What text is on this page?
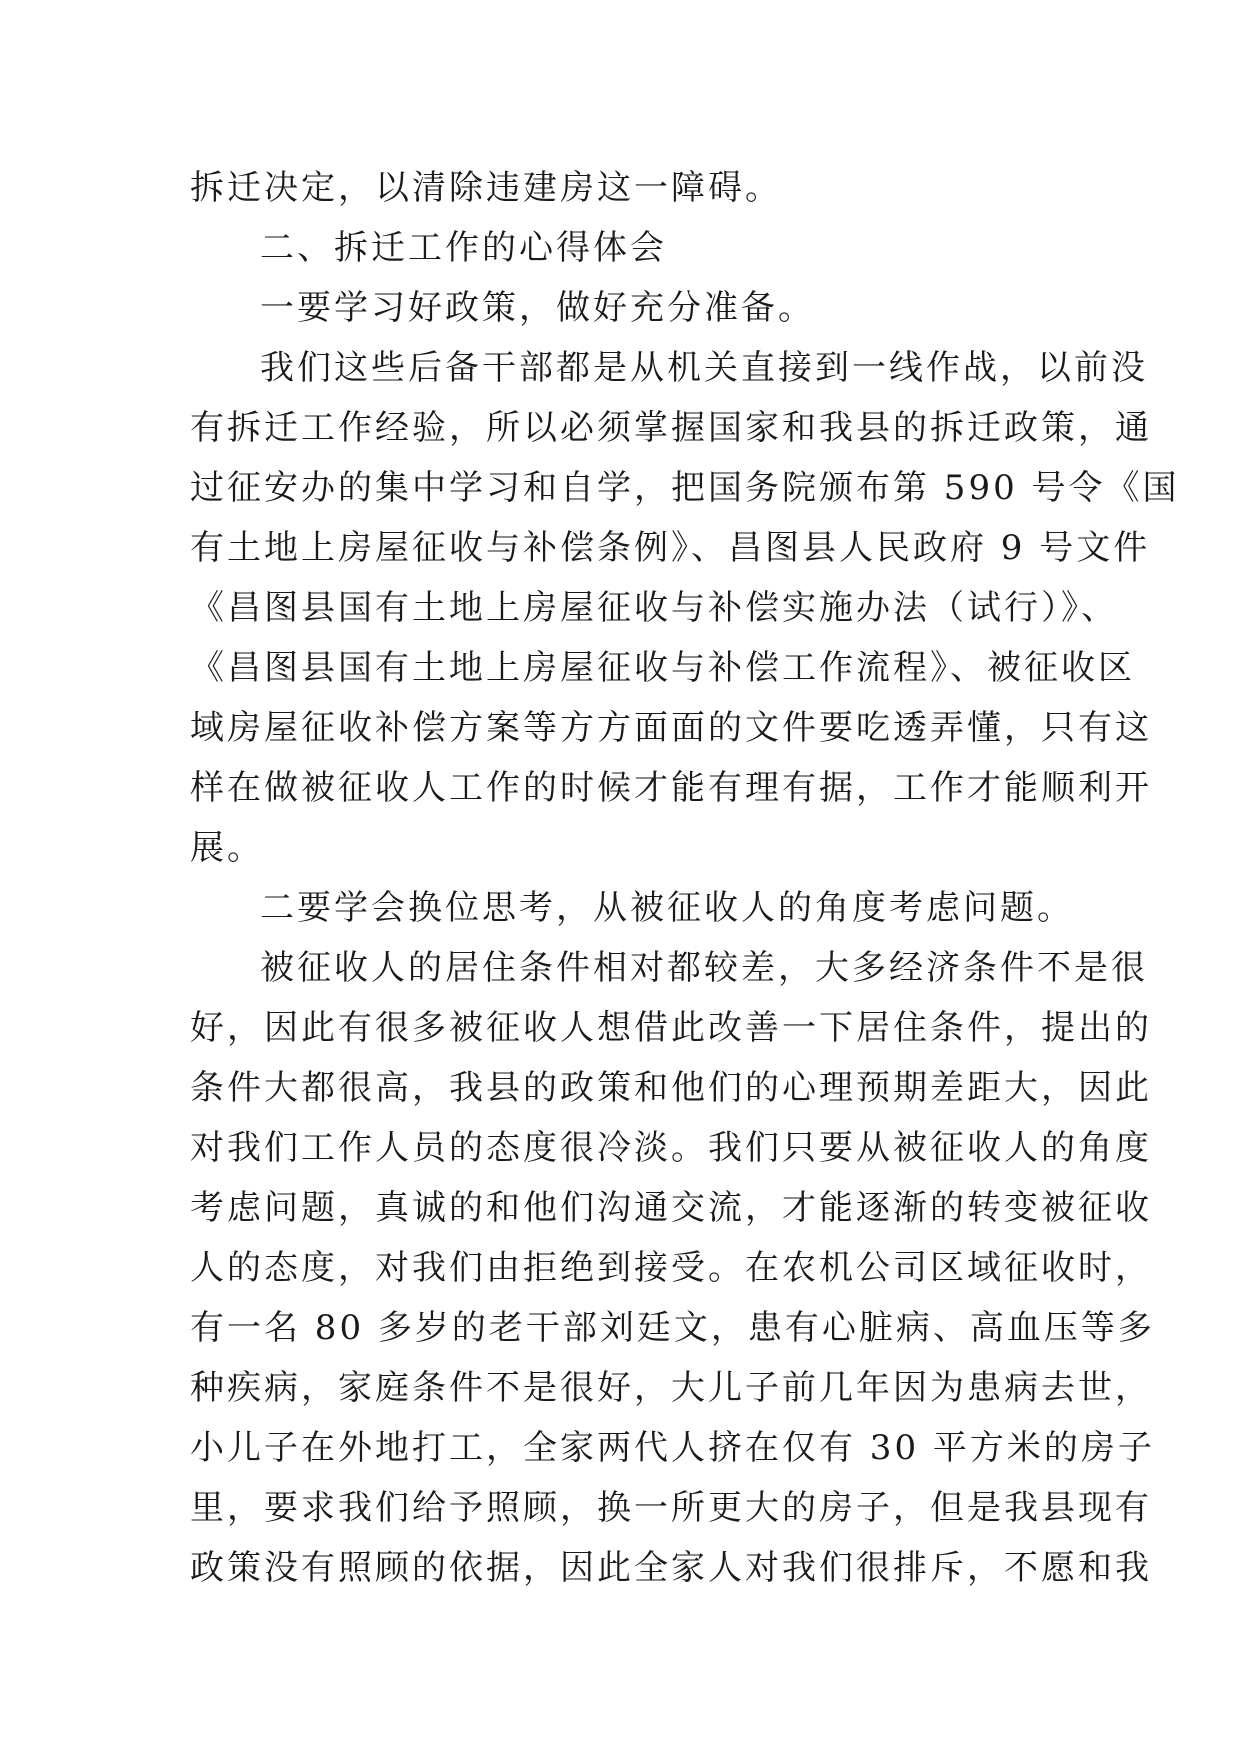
拆迁决定，以清除违建房这一障碍。
二、拆迁工作的心得体会
一要学习好政策，做好充分准备。
我们这些后备干部都是从机关直接到一线作战，以前没
有拆迁工作经验，所以必须掌握国家和我县的拆迁政策，通
过征安办的集中学习和自学，把国务院颁布第 590 号令《国
有土地上房屋征收与补偿条例》、昌图县人民政府 9 号文件
《昌图县国有土地上房屋征收与补偿实施办法（试行）》、
《昌图县国有土地上房屋征收与补偿工作流程》、被征收区
域房屋征收补偿方案等方方面面的文件要吃透弄懂，只有这
样在做被征收人工作的时候才能有理有据，工作才能顺利开
展。
二要学会换位思考，从被征收人的角度考虑问题。
被征收人的居住条件相对都较差，大多经济条件不是很
好，因此有很多被征收人想借此改善一下居住条件，提出的
条件大都很高，我县的政策和他们的心理预期差距大，因此
对我们工作人员的态度很冷淡。我们只要从被征收人的角度
考虑问题，真诚的和他们沟通交流，才能逐渐的转变被征收
人的态度，对我们由拒绝到接受。在农机公司区域征收时，
有一名 80 多岁的老干部刘廷文，患有心脏病、高血压等多
种疾病，家庭条件不是很好，大儿子前几年因为患病去世，
小儿子在外地打工，全家两代人挤在仅有 30 平方米的房子
里，要求我们给予照顾，换一所更大的房子，但是我县现有
政策没有照顾的依据，因此全家人对我们很排斥，不愿和我
